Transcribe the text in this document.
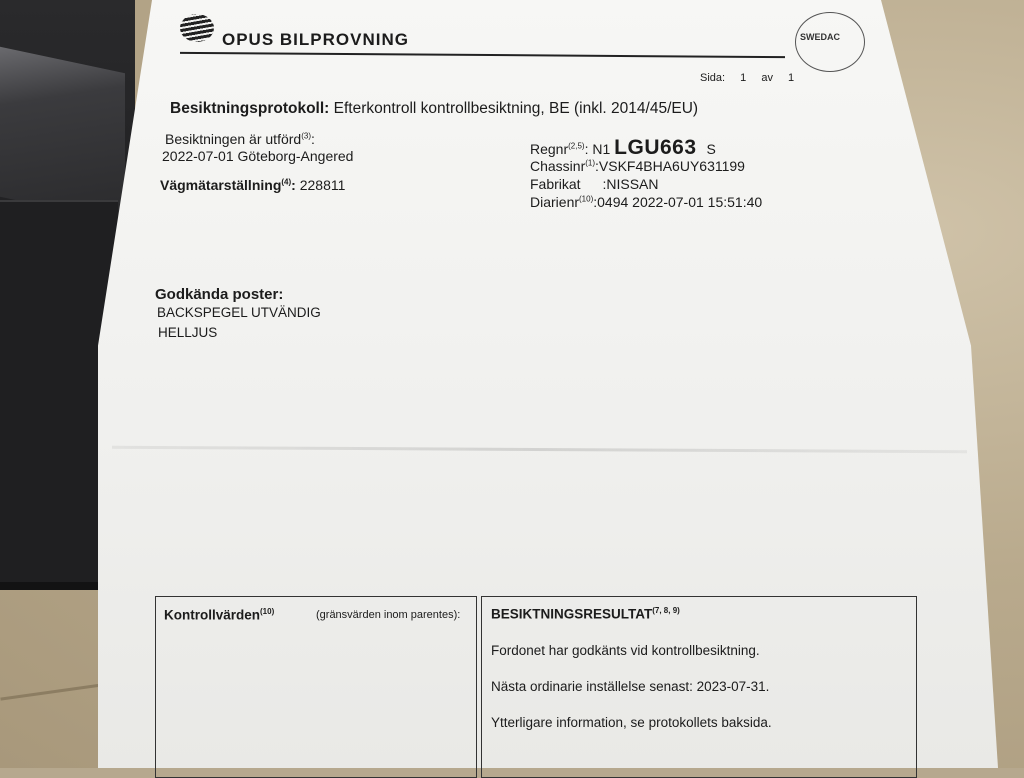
OPUS BILPROVNING	SWEDAC
Sida: 1 av 1
Besiktningsprotokoll: Efterkontroll kontrollbesiktning, BE (inkl. 2014/45/EU)
Besiktningen är utförd$^{(3)}$:
2022-07-01 Göteborg-Angered
Vägmätarställning$^{(4)}$: 228811
Regnr$^{(2,5)}$: N1 LGU663 S
Chassinr$^{(1)}$:VSKF4BHA6UY631199
Fabrikat :NISSAN
Diarienr$^{(10)}$:0494 2022-07-01 15:51:40
Godkända poster:
BACKSPEGEL UTVÄNDIG
HELLJUS
Kontrollvärden$^{(10)}$	(gränsvärden inom parentes): BESIKTNINGSRESULTAT$^{(7, 8, 9)}$
Fordonet har godkänts vid kontrollbesiktning.
Nästa ordinarie inställelse senast: 2023-07-31.
Ytterligare information, se protokollets baksida.
